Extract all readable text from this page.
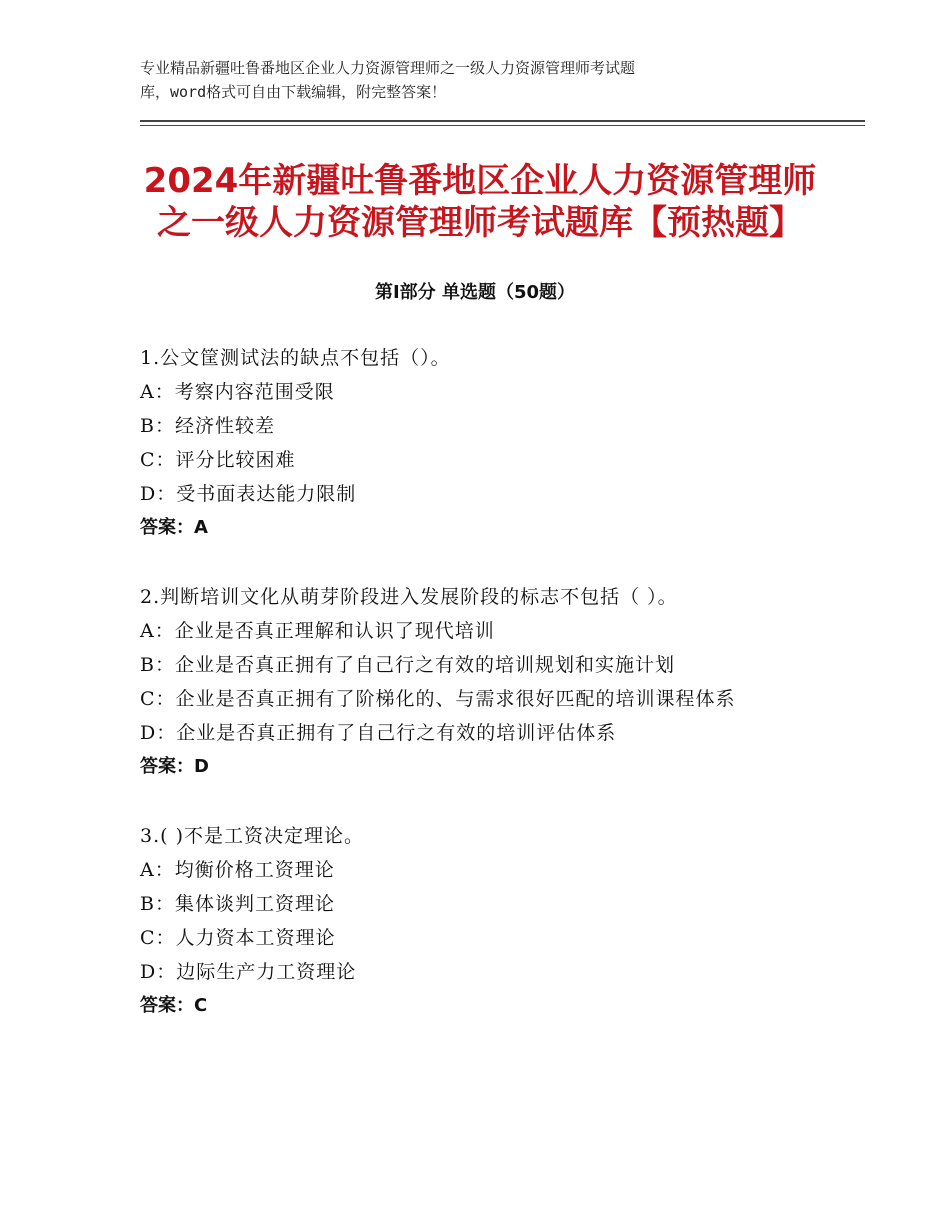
专业精品新疆吐鲁番地区企业人力资源管理师之一级人力资源管理师考试题
库，word格式可自由下载编辑，附完整答案！
2024年新疆吐鲁番地区企业人力资源管理师
之一级人力资源管理师考试题库【预热题】
第Ⅰ部分 单选题（50题）
1.公文筐测试法的缺点不包括（）。
A：考察内容范围受限
B：经济性较差
C：评分比较困难
D：受书面表达能力限制
答案：A
2.判断培训文化从萌芽阶段进入发展阶段的标志不包括（ ）。
A：企业是否真正理解和认识了现代培训
B：企业是否真正拥有了自己行之有效的培训规划和实施计划
C：企业是否真正拥有了阶梯化的、与需求很好匹配的培训课程体系
D：企业是否真正拥有了自己行之有效的培训评估体系
答案：D
3.( )不是工资决定理论。
A：均衡价格工资理论
B：集体谈判工资理论
C：人力资本工资理论
D：边际生产力工资理论
答案：C
